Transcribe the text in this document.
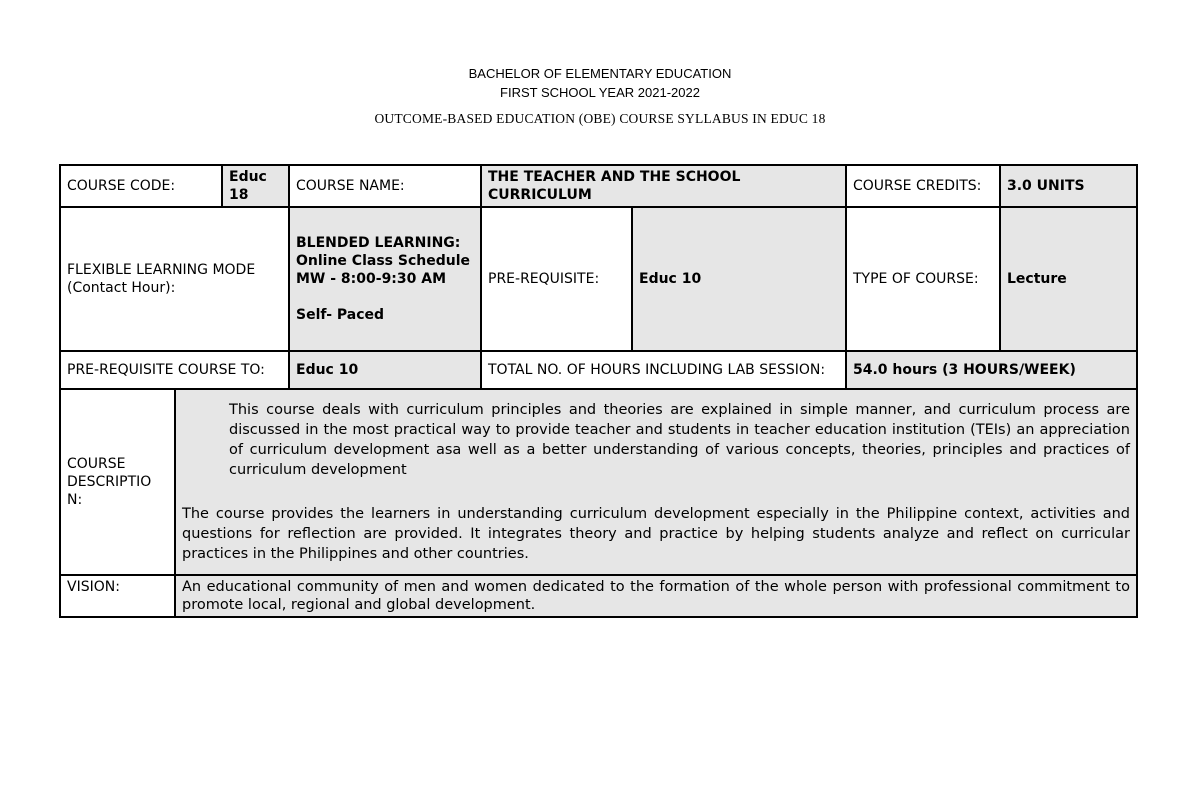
BACHELOR OF ELEMENTARY EDUCATION
FIRST SCHOOL YEAR 2021-2022
OUTCOME-BASED EDUCATION (OBE) COURSE SYLLABUS IN EDUC 18
COURSE CODE:		Educ 18	COURSE NAME:	THE TEACHER AND THE SCHOOL CURRICULUM		COURSE CREDITS:	3.0 UNITS
FLEXIBLE LEARNING MODE (Contact Hour):			BLENDED LEARNING:
Online Class Schedule MW - 8:00-9:30 AM
Self- Paced	PRE-REQUISITE:	Educ 10	TYPE OF COURSE:	Lecture
PRE-REQUISITE COURSE TO:			Educ 10	TOTAL NO. OF HOURS INCLUDING LAB SESSION:		54.0 hours (3 HOURS/WEEK)	
COURSE DESCRIPTIO N:	This course deals with curriculum principles and theories are explained in simple manner, and curriculum process are discussed in the most practical way to provide teacher and students in teacher education institution (TEIs) an appreciation of curriculum development asa well as a better understanding of various concepts, theories, principles and practices of curriculum development

The course provides the learners in understanding curriculum development especially in the Philippine context, activities and questions for reflection are provided. It integrates theory and practice by helping students analyze and reflect on curricular practices in the Philippines and other countries.						

VISION:	An educational community of men and women dedicated to the formation of the whole person with professional commitment to promote local, regional and global development.						
